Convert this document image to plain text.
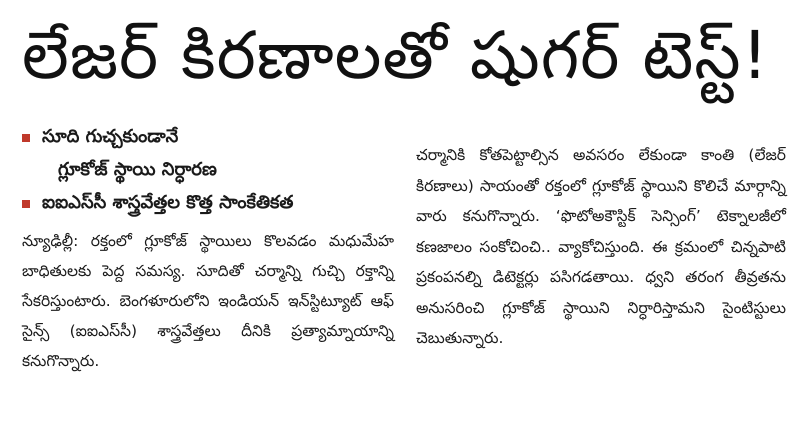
లేజర్ కిరణాలతో షుగర్ టెస్ట్!
సూది గుచ్చకుండానే
గ్లూకోజ్ స్థాయి నిర్ధారణ
ఐఐఎస్‌సీ శాస్త్రవేత్తల కొత్త సాంకేతికత
న్యూఢిల్లీ: రక్తంలో గ్లూకోజ్ స్థాయిలు కొలవడం మధుమేహ బాధితులకు పెద్ద సమస్య. సూదితో చర్మాన్ని గుచ్చి రక్తాన్ని సేకరిస్తుంటారు. బెంగళూరులోని ఇండియన్ ఇన్‌స్టిట్యూట్ ఆఫ్ సైన్స్ (ఐఐఎస్‌సీ) శాస్త్రవేత్తలు దీనికి ప్రత్యామ్నాయాన్ని కనుగొన్నారు.
చర్మానికి కోతపెట్టాల్సిన అవసరం లేకుండా కాంతి (లేజర్ కిరణాలు) సాయంతో రక్తంలో గ్లూకోజ్ స్థాయిని కొలిచే మార్గాన్ని వారు కనుగొన్నారు. ‘ఫొటోఅకౌస్టిక్ సెన్సింగ్’ టెక్నాలజీలో కణజాలం సంకోచించి.. వ్యాకోచిస్తుంది. ఈ క్రమంలో చిన్నపాటి ప్రకంపనల్ని డిటెక్టర్లు పసిగడతాయి. ధ్వని తరంగ తీవ్రతను అనుసరించి గ్లూకోజ్ స్థాయిని నిర్ధారిస్తామని సైంటిస్టులు చెబుతున్నారు.
